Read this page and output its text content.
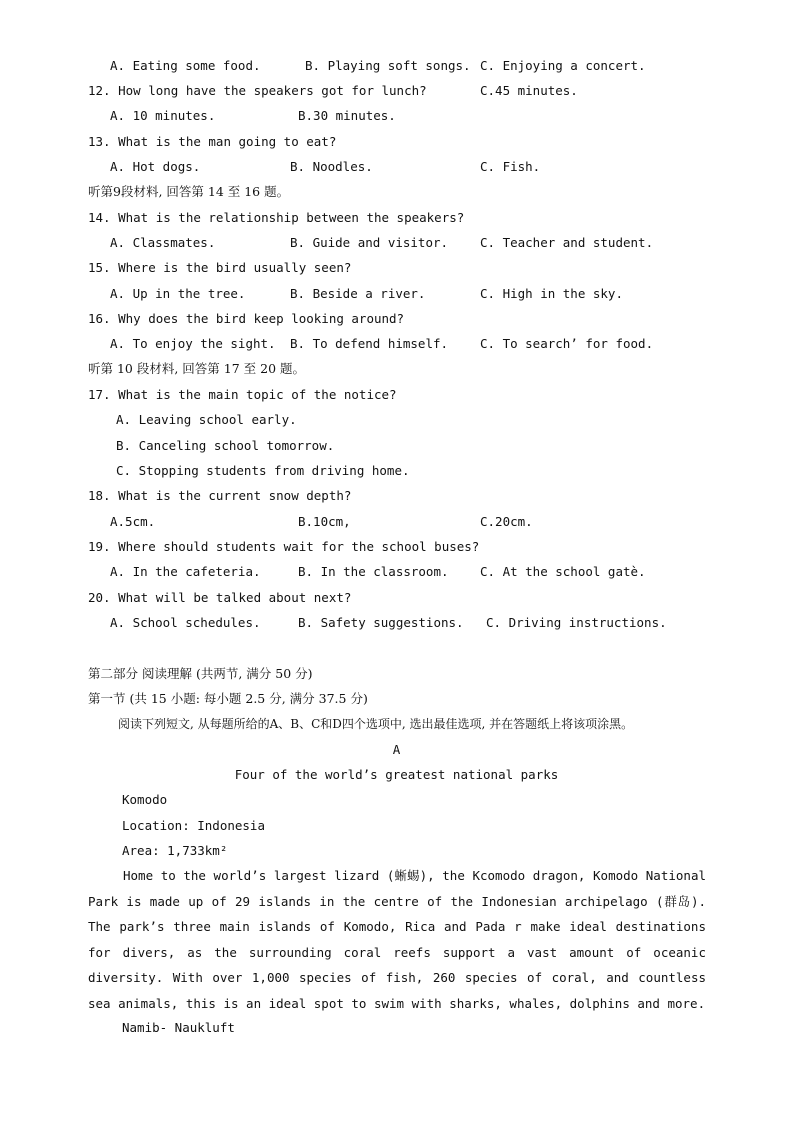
A. Eating some food.	B. Playing soft songs. C. Enjoying a concert.
12. How long have the speakers got for lunch?	C.45 minutes.
A. 10 minutes.	B.30 minutes.
13. What is the man going to eat?
A. Hot dogs.	B. Noodles.	C. Fish.
听第9段材料, 回答第 14 至 16 题。
14. What is the relationship between the speakers?
A. Classmates.	B. Guide and visitor.	C. Teacher and student.
15. Where is the bird usually seen?
A. Up in the tree.	B. Beside a river.	C. High in the sky.
16. Why does the bird keep looking around?
A. To enjoy the sight. B. To defend himself.	C. To search’ for food.
听第 10 段材料, 回答第 17 至 20 题。
17. What is the main topic of the notice?
A. Leaving school early.
B. Canceling school tomorrow.
C. Stopping students from driving home.
18. What is the current snow depth?
A.5cm.	B.10cm,	C.20cm.
19. Where should students wait for the school buses?
A. In the cafeteria.	B. In the classroom.	C. At the school gatè.
20. What will be talked about next?
A. School schedules.	B. Safety suggestions. C. Driving instructions.
第二部分 阅读理解 (共两节, 满分 50 分)
第一节 (共 15 小题: 每小题 2.5 分, 满分 37.5 分)
阅读下列短文, 从每题所给的A、B、C和D四个选项中, 选出最佳选项, 并在答题纸上将该项涂黑。
A
Four of the world’s greatest national parks
Komodo
Location: Indonesia
Area: 1,733km²
Home to the world’s largest lizard (蜥蜴), the Kcomodo dragon, Komodo National Park is made up of 29 islands in the centre of the Indonesian archipelago (群岛). The park’s three main islands of Komodo, Rica and Pada r make ideal destinations for divers, as the surrounding coral reefs support a vast amount of oceanic diversity. With over 1,000 species of fish, 260 species of coral, and countless sea animals, this is an ideal spot to swim with sharks, whales, dolphins and more.
Namib- Naukluft
